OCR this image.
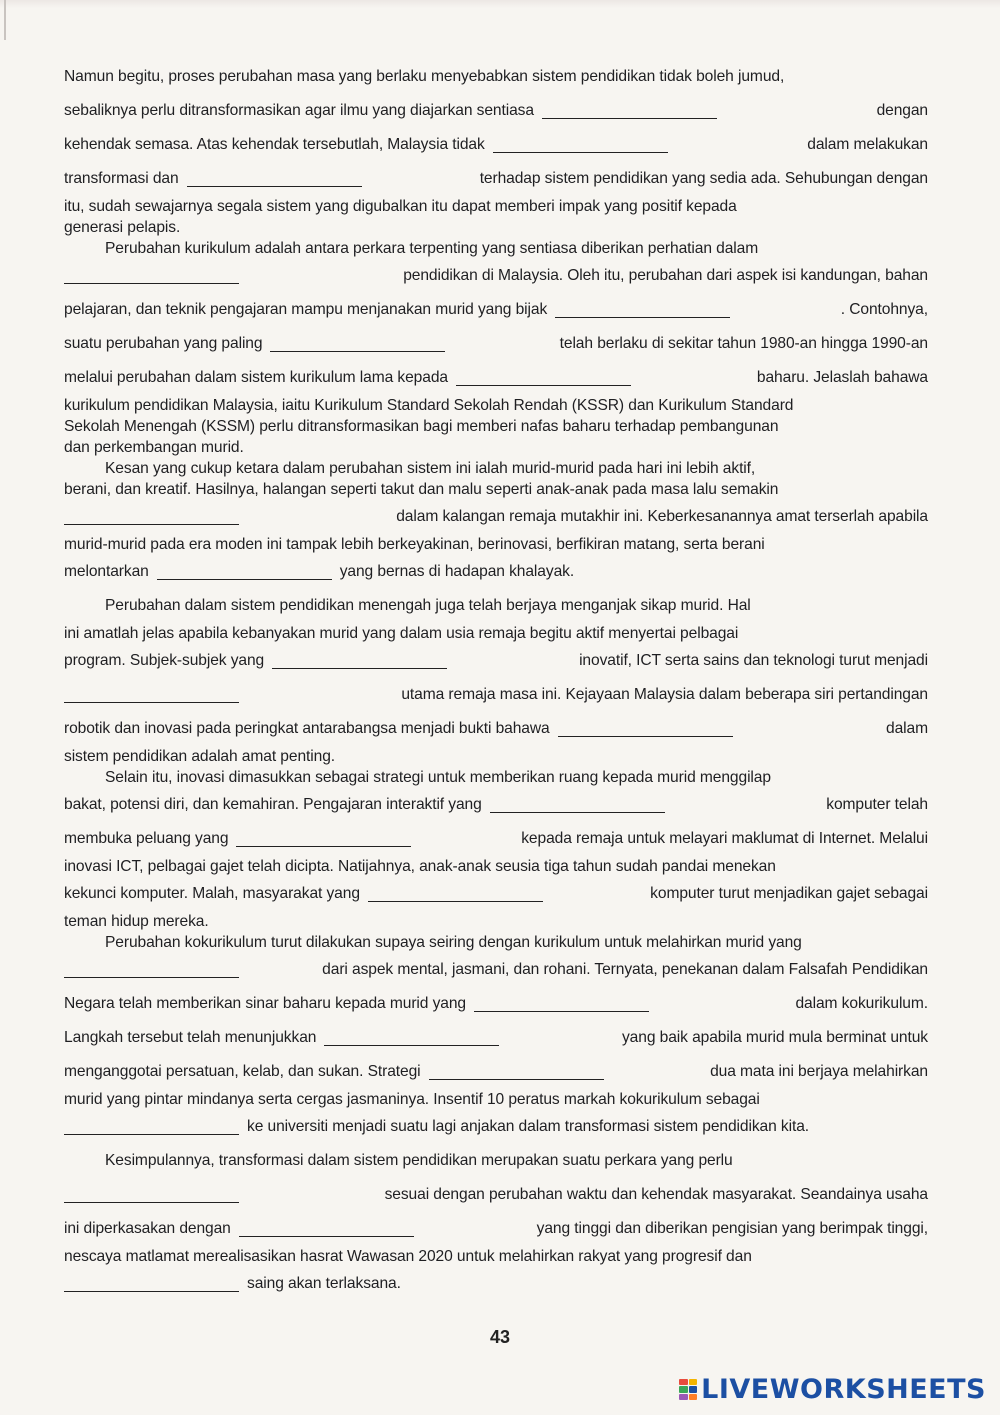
Namun begitu, proses perubahan masa yang berlaku menyebabkan sistem pendidikan tidak boleh jumud,
sebaliknya perlu ditransformasikan agar ilmu yang diajarkan sentiasa	dengan
kehendak semasa. Atas kehendak tersebutlah, Malaysia tidak	dalam melakukan
transformasi dan	terhadap sistem pendidikan yang sedia ada. Sehubungan dengan
itu, sudah sewajarnya segala sistem yang digubalkan itu dapat memberi impak yang positif kepada
generasi pelapis.
Perubahan kurikulum adalah antara perkara terpenting yang sentiasa diberikan perhatian dalam
pendidikan di Malaysia. Oleh itu, perubahan dari aspek isi kandungan, bahan
pelajaran, dan teknik pengajaran mampu menjanakan murid yang bijak	. Contohnya,
suatu perubahan yang paling	telah berlaku di sekitar tahun 1980-an hingga 1990-an
melalui perubahan dalam sistem kurikulum lama kepada	baharu. Jelaslah bahawa
kurikulum pendidikan Malaysia, iaitu Kurikulum Standard Sekolah Rendah (KSSR) dan Kurikulum Standard
Sekolah Menengah (KSSM) perlu ditransformasikan bagi memberi nafas baharu terhadap pembangunan
dan perkembangan murid.
Kesan yang cukup ketara dalam perubahan sistem ini ialah murid-murid pada hari ini lebih aktif,
berani, dan kreatif. Hasilnya, halangan seperti takut dan malu seperti anak-anak pada masa lalu semakin
dalam kalangan remaja mutakhir ini. Keberkesanannya amat terserlah apabila
murid-murid pada era moden ini tampak lebih berkeyakinan, berinovasi, berfikiran matang, serta berani
melontarkan	yang bernas di hadapan khalayak.
Perubahan dalam sistem pendidikan menengah juga telah berjaya menganjak sikap murid. Hal
ini amatlah jelas apabila kebanyakan murid yang dalam usia remaja begitu aktif menyertai pelbagai
program. Subjek-subjek yang	inovatif, ICT serta sains dan teknologi turut menjadi
utama remaja masa ini. Kejayaan Malaysia dalam beberapa siri pertandingan
robotik dan inovasi pada peringkat antarabangsa menjadi bukti bahawa	dalam
sistem pendidikan adalah amat penting.
Selain itu, inovasi dimasukkan sebagai strategi untuk memberikan ruang kepada murid menggilap
bakat, potensi diri, dan kemahiran. Pengajaran interaktif yang	komputer telah
membuka peluang yang	kepada remaja untuk melayari maklumat di Internet. Melalui
inovasi ICT, pelbagai gajet telah dicipta. Natijahnya, anak-anak seusia tiga tahun sudah pandai menekan
kekunci komputer. Malah, masyarakat yang	komputer turut menjadikan gajet sebagai
teman hidup mereka.
Perubahan kokurikulum turut dilakukan supaya seiring dengan kurikulum untuk melahirkan murid yang
dari aspek mental, jasmani, dan rohani. Ternyata, penekanan dalam Falsafah Pendidikan
Negara telah memberikan sinar baharu kepada murid yang	dalam kokurikulum.
Langkah tersebut telah menunjukkan	yang baik apabila murid mula berminat untuk
menganggotai persatuan, kelab, dan sukan. Strategi	dua mata ini berjaya melahirkan
murid yang pintar mindanya serta cergas jasmaninya. Insentif 10 peratus markah kokurikulum sebagai
ke universiti menjadi suatu lagi anjakan dalam transformasi sistem pendidikan kita.
Kesimpulannya, transformasi dalam sistem pendidikan merupakan suatu perkara yang perlu
sesuai dengan perubahan waktu dan kehendak masyarakat. Seandainya usaha
ini diperkasakan dengan	yang tinggi dan diberikan pengisian yang berimpak tinggi,
nescaya matlamat merealisasikan hasrat Wawasan 2020 untuk melahirkan rakyat yang progresif dan
saing akan terlaksana.
43
LIVEWORKSHEETS
